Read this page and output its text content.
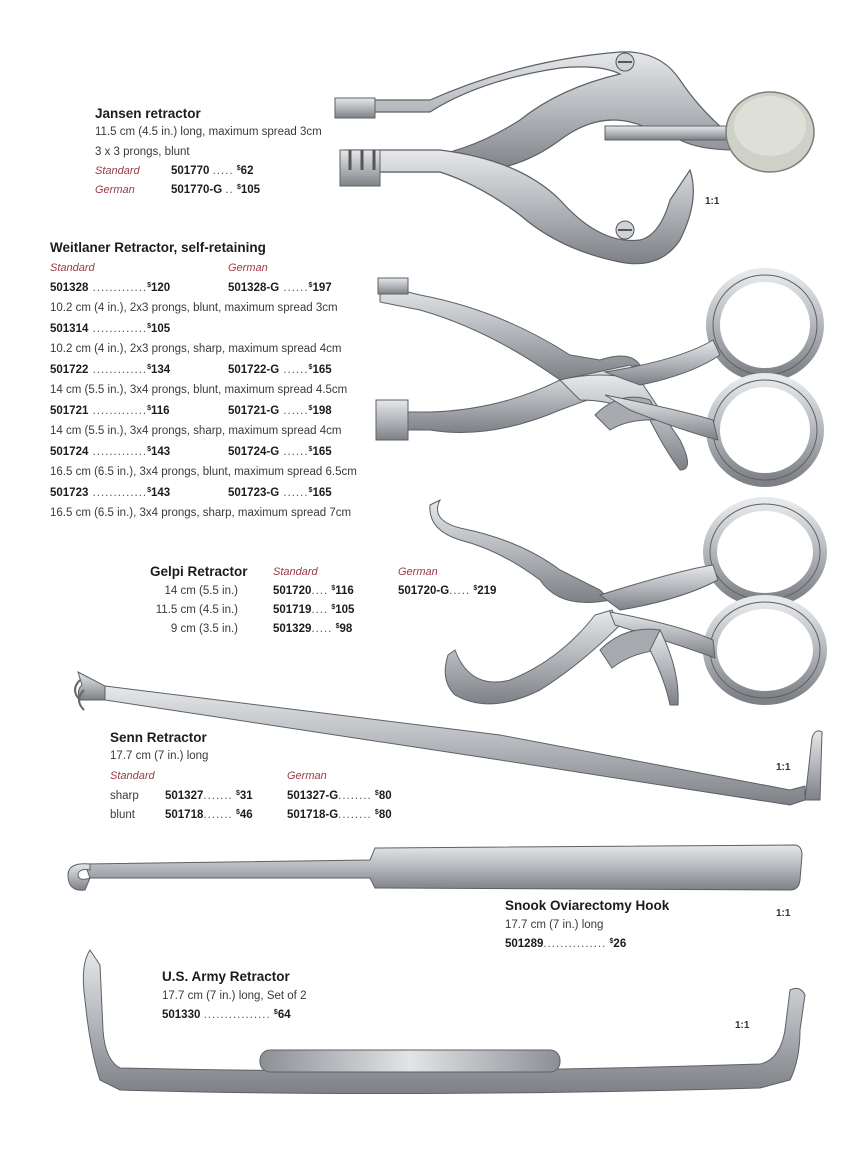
Jansen retractor
11.5 cm (4.5 in.) long, maximum spread 3cm
3 x 3 prongs, blunt
Standard	501770 ..... $62
German	501770-G .. $105
1:1
Weitlaner Retractor, self-retaining
Standard	German
501328 .............$120	501328-G ......$197
10.2 cm (4 in.), 2x3 prongs, blunt, maximum spread 3cm
501314 .............$105
10.2 cm (4 in.), 2x3 prongs, sharp, maximum spread 4cm
501722 .............$134	501722-G ......$165
14 cm (5.5 in.), 3x4 prongs, blunt, maximum spread 4.5cm
501721 .............$116	501721-G ......$198
14 cm (5.5 in.), 3x4 prongs, sharp, maximum spread 4cm
501724 .............$143	501724-G ......$165
16.5 cm (6.5 in.), 3x4 prongs, blunt, maximum spread 6.5cm
501723 .............$143	501723-G ......$165
16.5 cm (6.5 in.), 3x4 prongs, sharp, maximum spread 7cm
Gelpi Retractor Standard	German
14 cm (5.5 in.)	501720.... $116	501720-G..... $219
11.5 cm (4.5 in.)	501719.... $105
9 cm (3.5 in.)	501329..... $98
Senn Retractor
17.7 cm (7 in.) long
Standard	German
sharp 501327....... $31	501327-G........ $80
blunt	501718....... $46	501718-G........ $80
1:1
Snook Oviarectomy Hook
17.7 cm (7 in.) long
501289............... $26
1:1
U.S. Army Retractor
17.7 cm (7 in.) long, Set of 2
501330 ................ $64
1:1
